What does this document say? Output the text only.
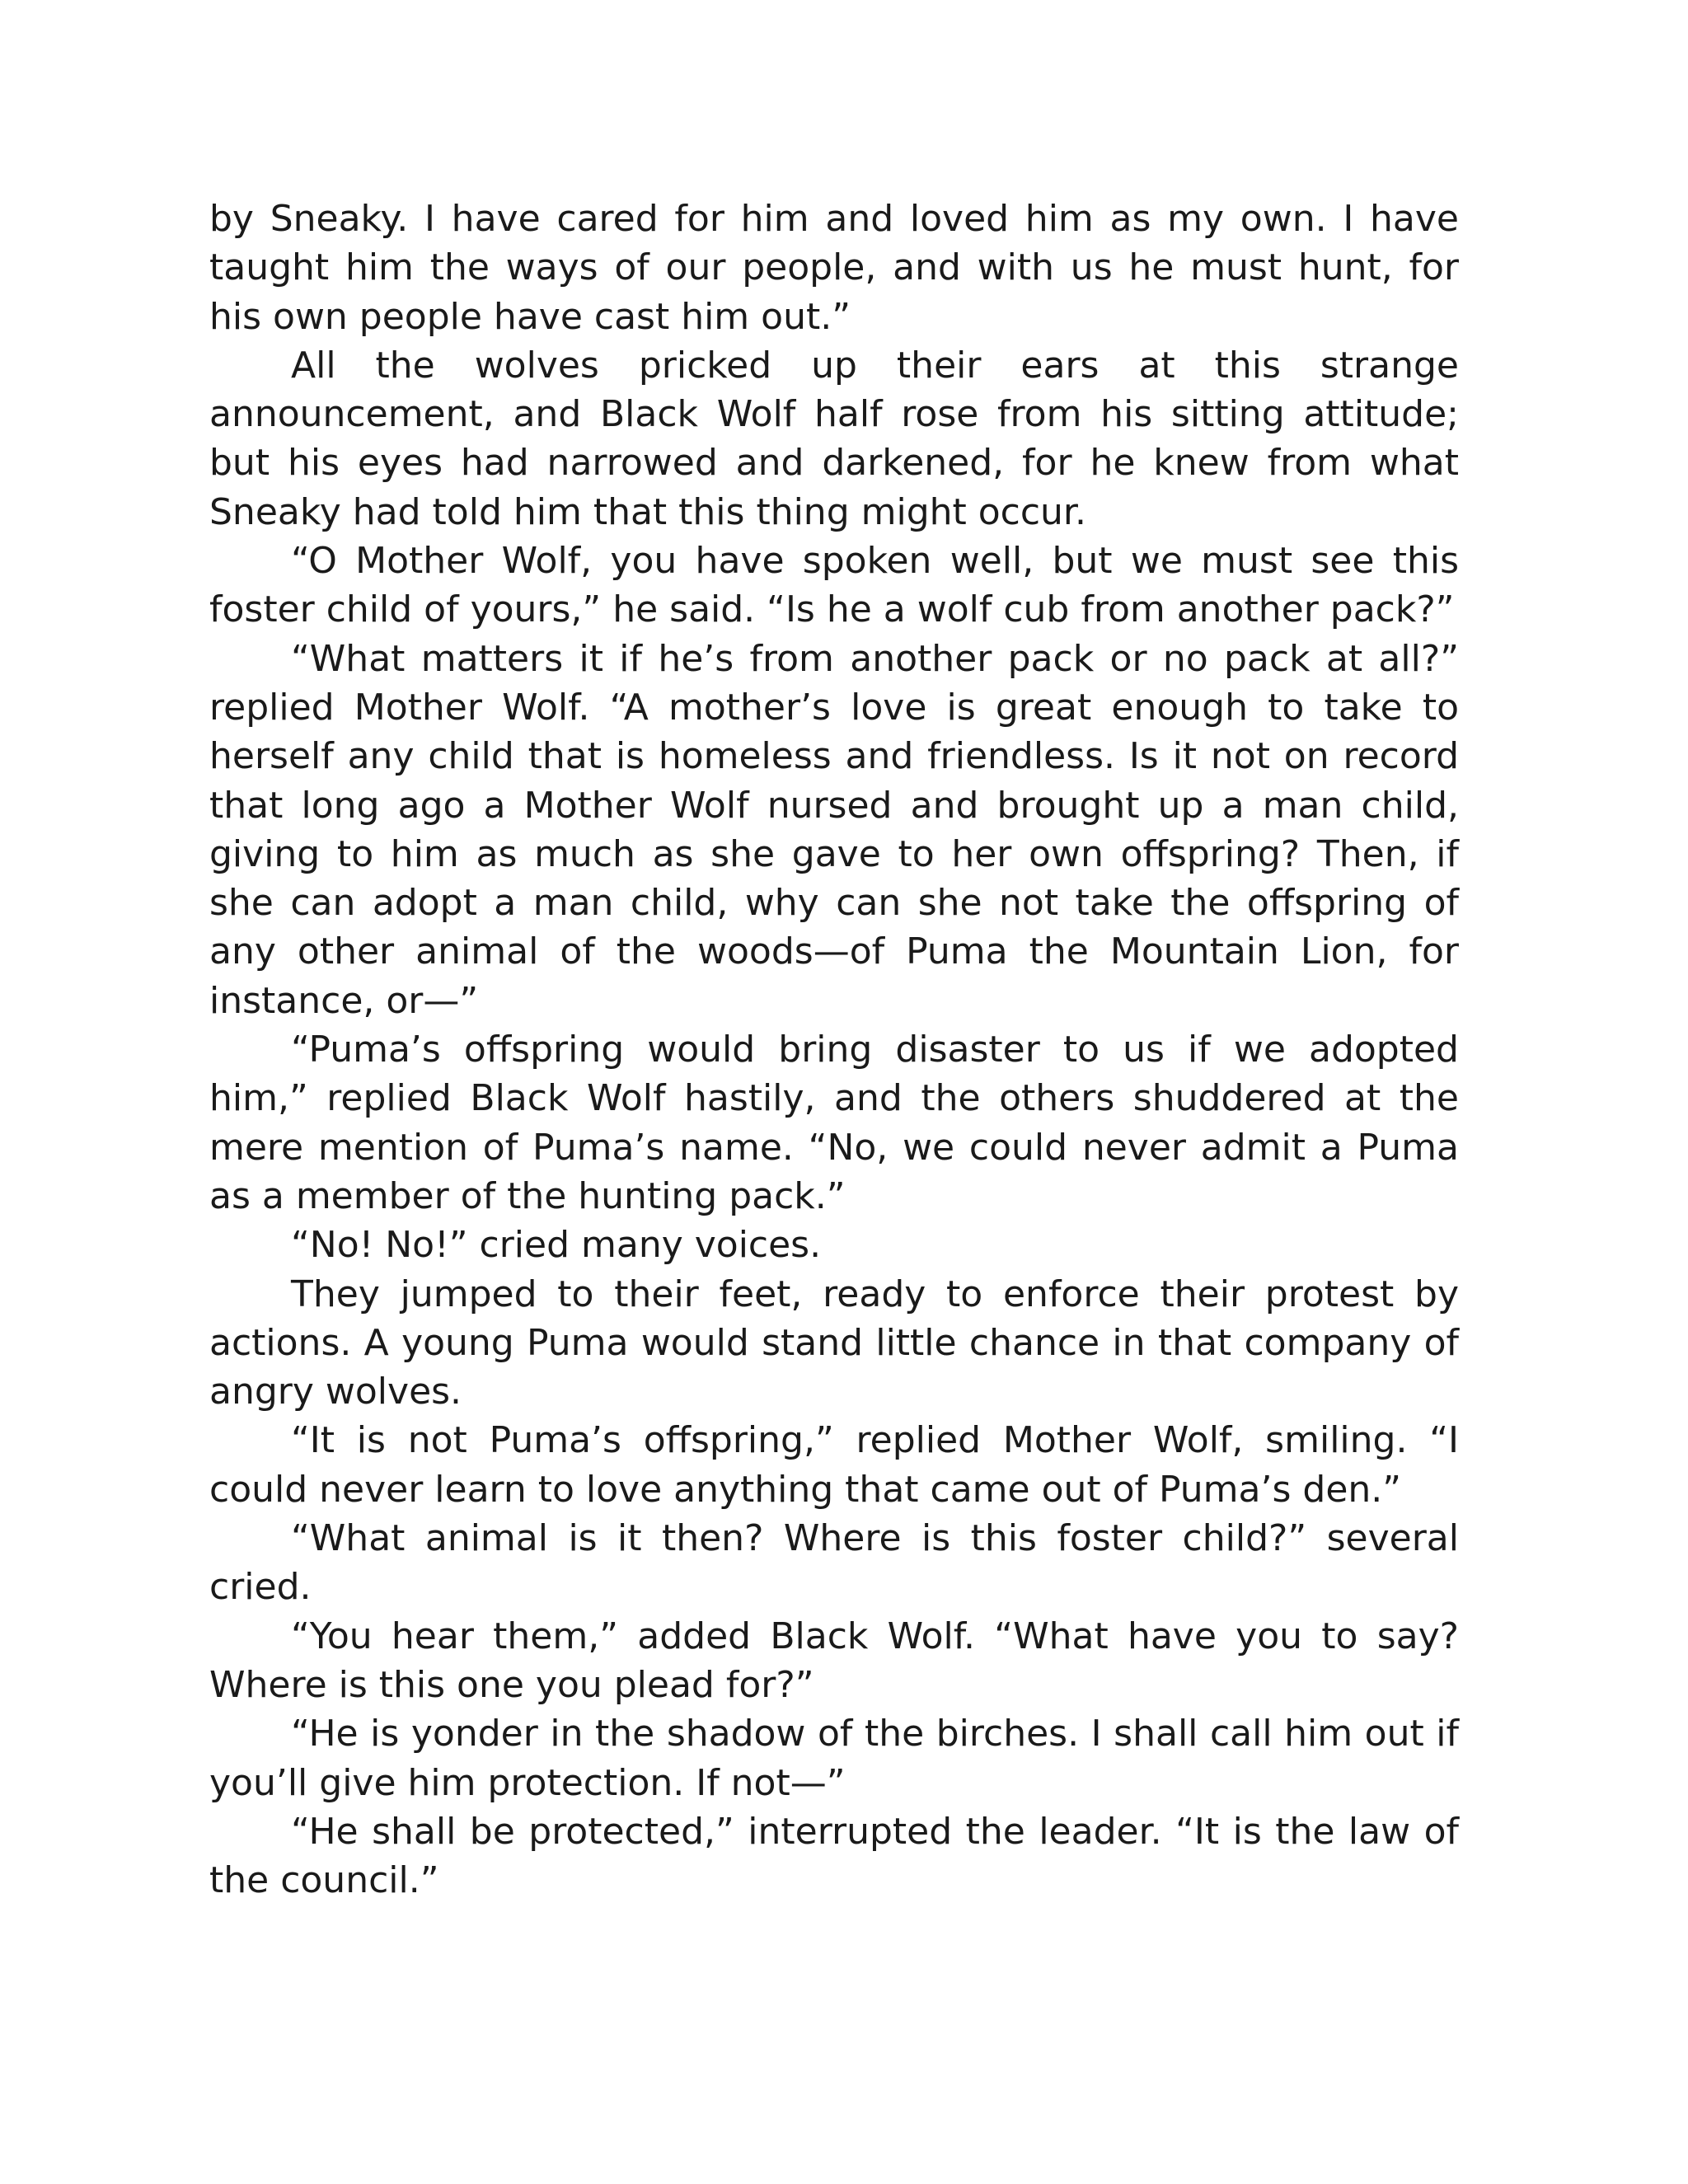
by Sneaky. I have cared for him and loved him as my own. I have taught him the ways of our people, and with us he must hunt, for his own people have cast him out.”

All the wolves pricked up their ears at this strange announcement, and Black Wolf half rose from his sitting attitude; but his eyes had narrowed and darkened, for he knew from what Sneaky had told him that this thing might occur.

“O Mother Wolf, you have spoken well, but we must see this foster child of yours,” he said. “Is he a wolf cub from another pack?”

“What matters it if he’s from another pack or no pack at all?” replied Mother Wolf. “A mother’s love is great enough to take to herself any child that is homeless and friendless. Is it not on record that long ago a Mother Wolf nursed and brought up a man child, giving to him as much as she gave to her own offspring? Then, if she can adopt a man child, why can she not take the offspring of any other animal of the woods—of Puma the Mountain Lion, for instance, or—”

“Puma’s offspring would bring disaster to us if we adopted him,” replied Black Wolf hastily, and the others shuddered at the mere mention of Puma’s name. “No, we could never admit a Puma as a member of the hunting pack.”

“No! No!” cried many voices.

They jumped to their feet, ready to enforce their protest by actions. A young Puma would stand little chance in that company of angry wolves.

“It is not Puma’s offspring,” replied Mother Wolf, smiling. “I could never learn to love anything that came out of Puma’s den.”

“What animal is it then? Where is this foster child?” several cried.

“You hear them,” added Black Wolf. “What have you to say? Where is this one you plead for?”

“He is yonder in the shadow of the birches. I shall call him out if you’ll give him protection. If not—”

“He shall be protected,” interrupted the leader. “It is the law of the council.”
